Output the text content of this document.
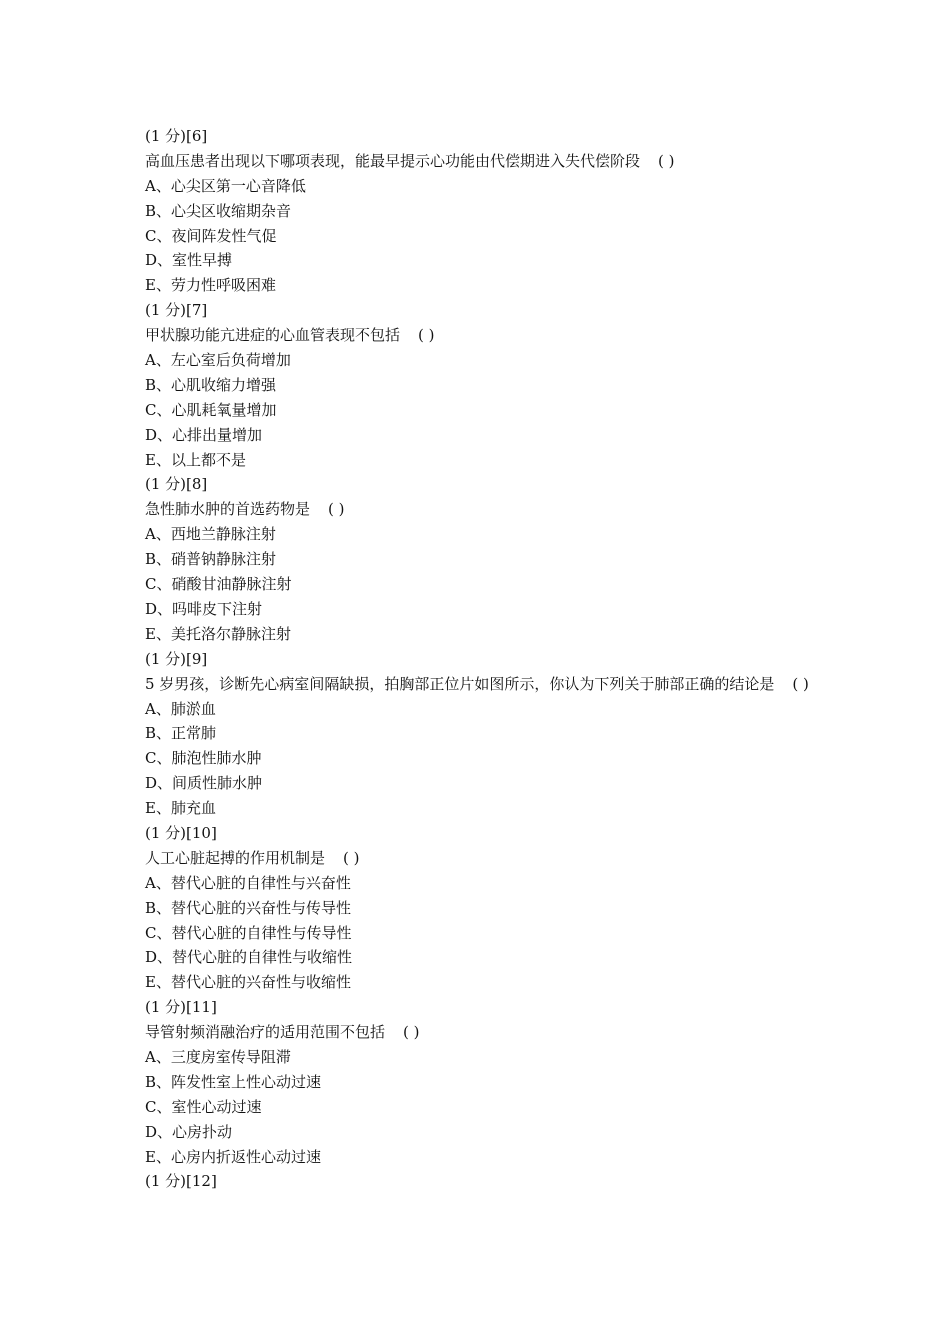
(1 分)[6]
高血压患者出现以下哪项表现，能最早提示心功能由代偿期进入失代偿阶段 ( )
A、心尖区第一心音降低
B、心尖区收缩期杂音
C、夜间阵发性气促
D、室性早搏
E、劳力性呼吸困难
(1 分)[7]
甲状腺功能亢进症的心血管表现不包括 ( )
A、左心室后负荷增加
B、心肌收缩力增强
C、心肌耗氧量增加
D、心排出量增加
E、以上都不是
(1 分)[8]
急性肺水肿的首选药物是 ( )
A、西地兰静脉注射
B、硝普钠静脉注射
C、硝酸甘油静脉注射
D、吗啡皮下注射
E、美托洛尔静脉注射
(1 分)[9]
5 岁男孩，诊断先心病室间隔缺损，拍胸部正位片如图所示，你认为下列关于肺部正确的结论是 ( )
A、肺淤血
B、正常肺
C、肺泡性肺水肿
D、间质性肺水肿
E、肺充血
(1 分)[10]
人工心脏起搏的作用机制是 ( )
A、替代心脏的自律性与兴奋性
B、替代心脏的兴奋性与传导性
C、替代心脏的自律性与传导性
D、替代心脏的自律性与收缩性
E、替代心脏的兴奋性与收缩性
(1 分)[11]
导管射频消融治疗的适用范围不包括 ( )
A、三度房室传导阻滞
B、阵发性室上性心动过速
C、室性心动过速
D、心房扑动
E、心房内折返性心动过速
(1 分)[12]
